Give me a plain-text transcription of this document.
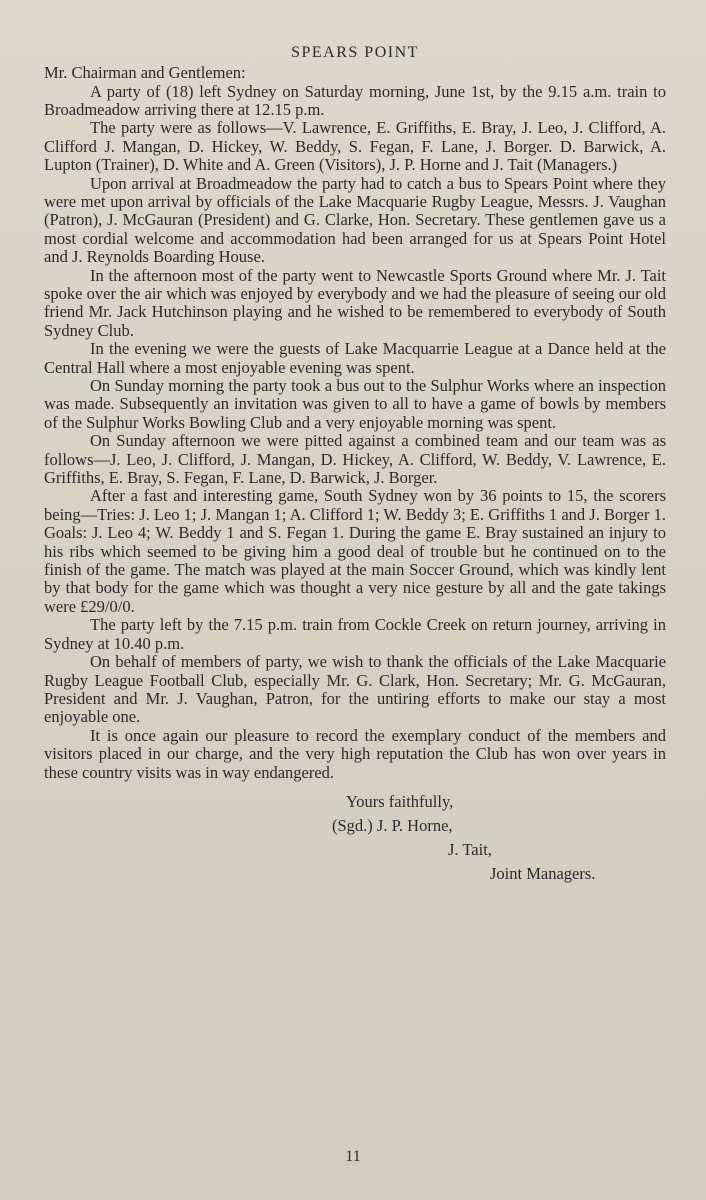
SPEARS POINT

Mr. Chairman and Gentlemen:

A party of (18) left Sydney on Saturday morning, June 1st, by the 9.15 a.m. train to Broadmeadow arriving there at 12.15 p.m.

The party were as follows—V. Lawrence, E. Griffiths, E. Bray, J. Leo, J. Clifford, A. Clifford J. Mangan, D. Hickey, W. Beddy, S. Fegan, F. Lane, J. Borger. D. Barwick, A. Lupton (Trainer), D. White and A. Green (Visitors), J. P. Horne and J. Tait (Managers.)

Upon arrival at Broadmeadow the party had to catch a bus to Spears Point where they were met upon arrival by officials of the Lake Macquarie Rugby League, Messrs. J. Vaughan (Patron), J. McGauran (President) and G. Clarke, Hon. Secretary. These gentlemen gave us a most cordial welcome and accommodation had been arranged for us at Spears Point Hotel and J. Reynolds Boarding House.

In the afternoon most of the party went to Newcastle Sports Ground where Mr. J. Tait spoke over the air which was enjoyed by everybody and we had the pleasure of seeing our old friend Mr. Jack Hutchinson playing and he wished to be remembered to everybody of South Sydney Club.

In the evening we were the guests of Lake Macquarrie League at a Dance held at the Central Hall where a most enjoyable evening was spent.

On Sunday morning the party took a bus out to the Sulphur Works where an inspection was made. Subsequently an invitation was given to all to have a game of bowls by members of the Sulphur Works Bowling Club and a very enjoyable morning was spent.

On Sunday afternoon we were pitted against a combined team and our team was as follows—J. Leo, J. Clifford, J. Mangan, D. Hickey, A. Clifford, W. Beddy, V. Lawrence, E. Griffiths, E. Bray, S. Fegan, F. Lane, D. Barwick, J. Borger.

After a fast and interesting game, South Sydney won by 36 points to 15, the scorers being—Tries: J. Leo 1; J. Mangan 1; A. Clifford 1; W. Beddy 3; E. Griffiths 1 and J. Borger 1. Goals: J. Leo 4; W. Beddy 1 and S. Fegan 1. During the game E. Bray sustained an injury to his ribs which seemed to be giving him a good deal of trouble but he continued on to the finish of the game. The match was played at the main Soccer Ground, which was kindly lent by that body for the game which was thought a very nice gesture by all and the gate takings were £29/0/0.

The party left by the 7.15 p.m. train from Cockle Creek on return journey, arriving in Sydney at 10.40 p.m.

On behalf of members of party, we wish to thank the officials of the Lake Macquarie Rugby League Football Club, especially Mr. G. Clark, Hon. Secretary; Mr. G. McGauran, President and Mr. J. Vaughan, Patron, for the untiring efforts to make our stay a most enjoyable one.

It is once again our pleasure to record the exemplary conduct of the members and visitors placed in our charge, and the very high reputation the Club has won over years in these country visits was in way endangered.

Yours faithfully,
(Sgd.) J. P. Horne,
J. Tait,
Joint Managers.
11
